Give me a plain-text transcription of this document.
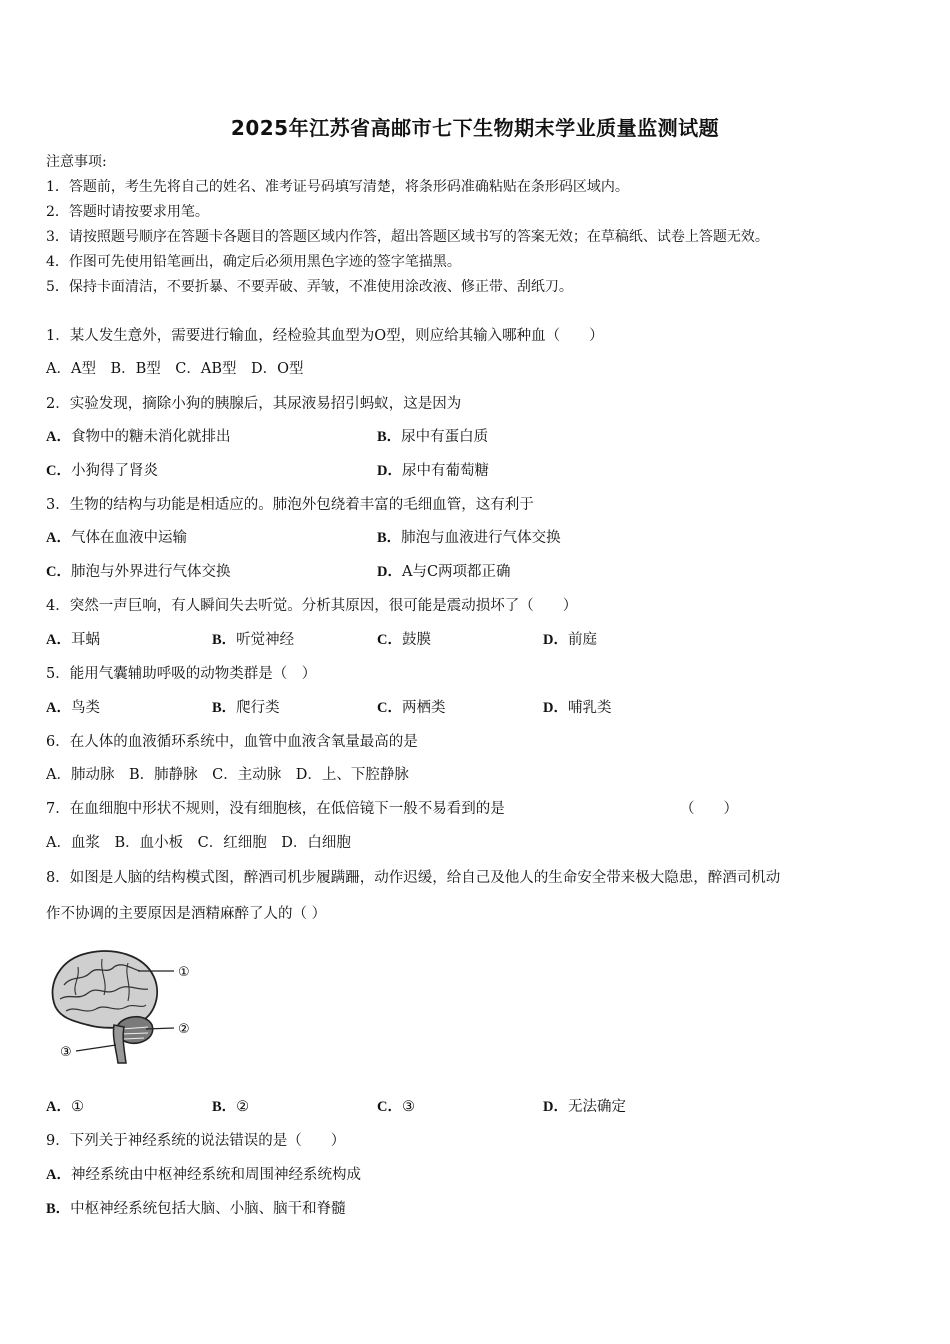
2025年江苏省高邮市七下生物期末学业质量监测试题
注意事项:
1．答题前，考生先将自己的姓名、准考证号码填写清楚，将条形码准确粘贴在条形码区域内。
2．答题时请按要求用笔。
3．请按照题号顺序在答题卡各题目的答题区域内作答，超出答题区域书写的答案无效；在草稿纸、试卷上答题无效。
4．作图可先使用铅笔画出，确定后必须用黑色字迹的签字笔描黑。
5．保持卡面清洁，不要折暴、不要弄破、弄皱，不准使用涂改液、修正带、刮纸刀。
1．某人发生意外，需要进行输血，经检验其血型为O型，则应给其输入哪种血（　　）
A．A型　B．B型　C．AB型　D．O型
2．实验发现，摘除小狗的胰腺后，其尿液易招引蚂蚁，这是因为
A．食物中的糖未消化就排出	B．尿中有蛋白质
C．小狗得了肾炎	D．尿中有葡萄糖
3．生物的结构与功能是相适应的。肺泡外包绕着丰富的毛细血管，这有利于
A．气体在血液中运输	B．肺泡与血液进行气体交换
C．肺泡与外界进行气体交换	D．A与C两项都正确
4．突然一声巨响，有人瞬间失去听觉。分析其原因，很可能是震动损坏了（　　）
A．耳蜗	B．听觉神经	C．鼓膜	D．前庭
5．能用气囊辅助呼吸的动物类群是（　）
A．鸟类	B．爬行类	C．两栖类	D．哺乳类
6．在人体的血液循环系统中，血管中血液含氧量最高的是
A．肺动脉　B．肺静脉　C．主动脉　D．上、下腔静脉
7．在血细胞中形状不规则，没有细胞核，在低倍镜下一般不易看到的是	（　　）
A．血浆　B．血小板　C．红细胞　D．白细胞
8．如图是人脑的结构模式图，醉酒司机步履蹒跚，动作迟缓，给自己及他人的生命安全带来极大隐患，醉酒司机动
作不协调的主要原因是酒精麻醉了人的（ ）
①
②
③
A．①	B．②	C．③	D．无法确定
9．下列关于神经系统的说法错误的是（　　）
A．神经系统由中枢神经系统和周围神经系统构成
B．中枢神经系统包括大脑、小脑、脑干和脊髓
